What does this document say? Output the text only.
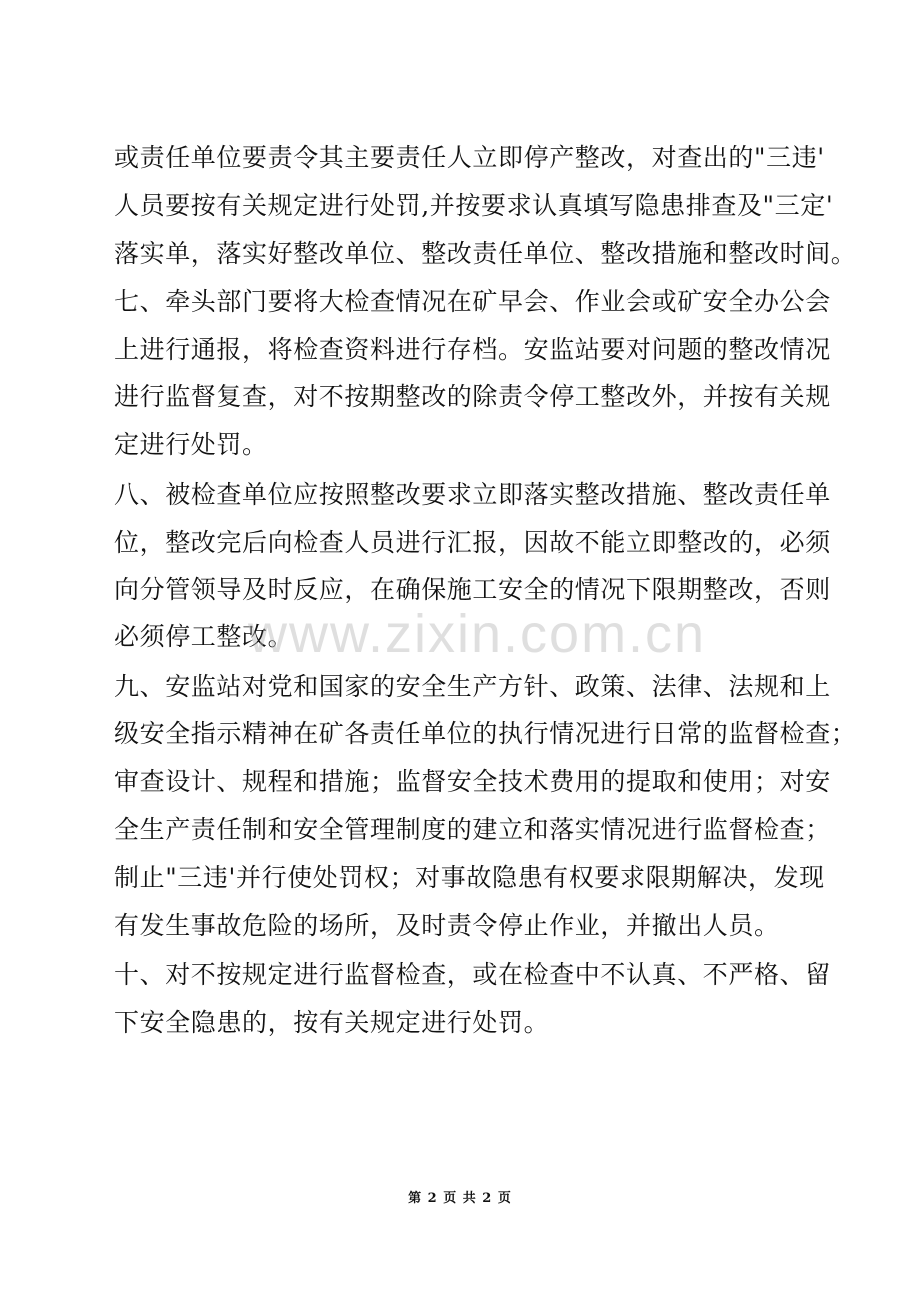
或责任单位要责令其主要责任人立即停产整改，对查出的"三违'
人员要按有关规定进行处罚,并按要求认真填写隐患排查及"三定'
落实单，落实好整改单位、整改责任单位、整改措施和整改时间。
七、牵头部门要将大检查情况在矿早会、作业会或矿安全办公会
上进行通报，将检查资料进行存档。安监站要对问题的整改情况
进行监督复查，对不按期整改的除责令停工整改外，并按有关规
定进行处罚。
八、被检查单位应按照整改要求立即落实整改措施、整改责任单
位，整改完后向检查人员进行汇报，因故不能立即整改的，必须
向分管领导及时反应，在确保施工安全的情况下限期整改，否则
必须停工整改。
九、安监站对党和国家的安全生产方针、政策、法律、法规和上
级安全指示精神在矿各责任单位的执行情况进行日常的监督检查；
审查设计、规程和措施；监督安全技术费用的提取和使用；对安
全生产责任制和安全管理制度的建立和落实情况进行监督检查；
制止"三违'并行使处罚权；对事故隐患有权要求限期解决，发现
有发生事故危险的场所，及时责令停止作业，并撤出人员。
十、对不按规定进行监督检查，或在检查中不认真、不严格、留
下安全隐患的，按有关规定进行处罚。
www.zixin.com.cn
第 2 页 共 2 页
